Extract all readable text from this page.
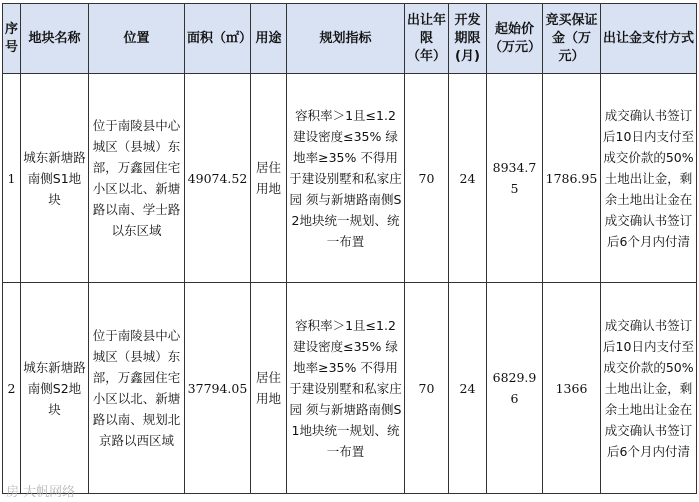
序号	地块名称	位置	面积（㎡）	用途	规划指标	出让年限（年）	开发期限(月)	起始价（万元）	竞买保证金（万元）	出让金支付方式
1	城东新塘路南侧S1地块	位于南陵县中心城区（县城）东部，万鑫园住宅小区以北、新塘路以南、学士路以东区域	49074.52	居住用地	容积率＞1且≤1.2 建设密度≤35% 绿地率≥35% 不得用于建设别墅和私家庄园 须与新塘路南侧S2地块统一规划、统一布置	70	24	8934.75	1786.95	成交确认书签订后10日内支付至成交价款的50%土地出让金，剩余土地出让金在成交确认书签订后6个月内付清
2	城东新塘路南侧S2地块	位于南陵县中心城区（县城）东部，万鑫园住宅小区以北、新塘路以南、规划北京路以西区域	37794.05	居住用地	容积率＞1且≤1.2 建设密度≤35% 绿地率≥35% 不得用于建设别墅和私家庄园 须与新塘路南侧S1地块统一规划、统一布置	70	24	6829.96	1366	成交确认书签订后10日内支付至成交价款的50%土地出让金，剩余土地出让金在成交确认书签订后6个月内付清
房 大帆网络
